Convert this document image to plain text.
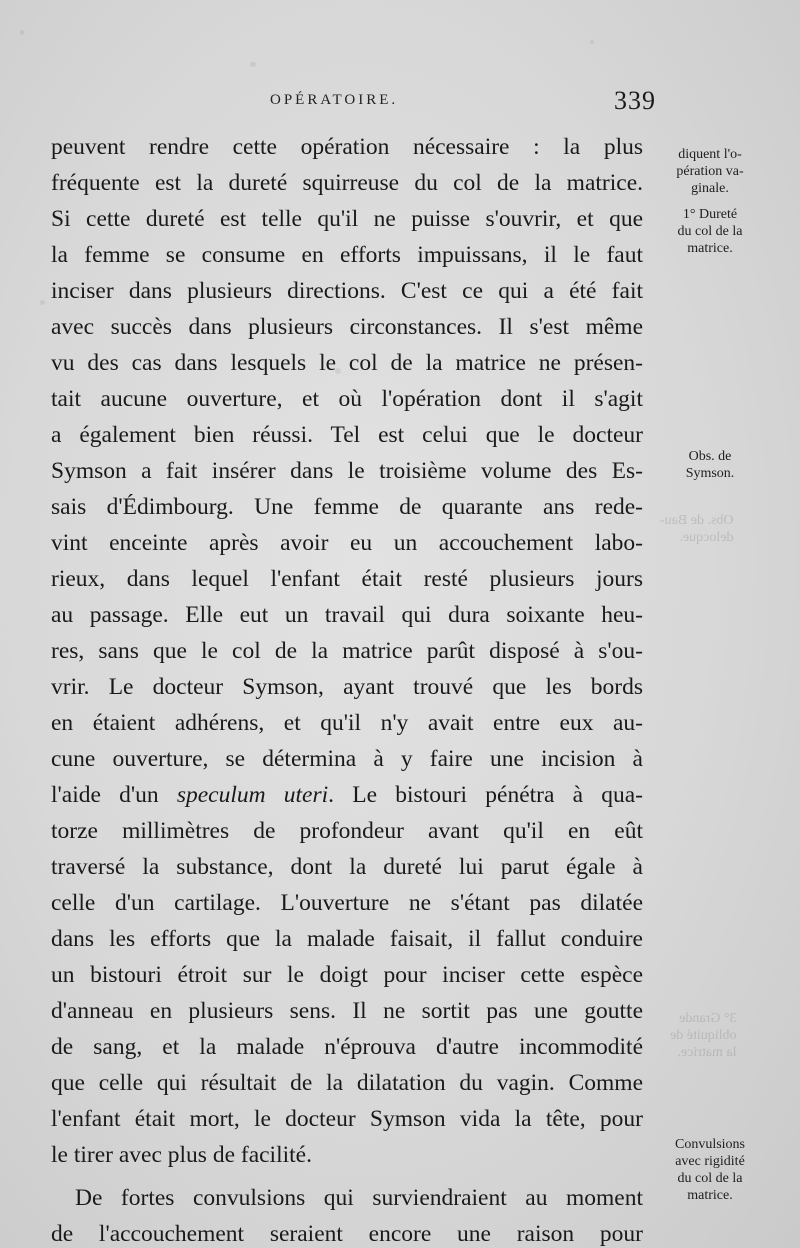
Obs. de Bau-
delocque.
3° Grande
obliquité de
la matrice.
OPÉRATOIRE.	339
peuvent rendre cette opération nécessaire : la plus
fréquente est la dureté squirreuse du col de la matrice.
Si cette dureté est telle qu'il ne puisse s'ouvrir, et que
la femme se consume en efforts impuissans, il le faut
inciser dans plusieurs directions. C'est ce qui a été fait
avec succès dans plusieurs circonstances. Il s'est même
vu des cas dans lesquels le col de la matrice ne présen-
tait aucune ouverture, et où l'opération dont il s'agit
a également bien réussi. Tel est celui que le docteur
Symson a fait insérer dans le troisième volume des Es-
sais d'Édimbourg. Une femme de quarante ans rede-
vint enceinte après avoir eu un accouchement labo-
rieux, dans lequel l'enfant était resté plusieurs jours
au passage. Elle eut un travail qui dura soixante heu-
res, sans que le col de la matrice parût disposé à s'ou-
vrir. Le docteur Symson, ayant trouvé que les bords
en étaient adhérens, et qu'il n'y avait entre eux au-
cune ouverture, se détermina à y faire une incision à
l'aide d'un speculum uteri. Le bistouri pénétra à qua-
torze millimètres de profondeur avant qu'il en eût
traversé la substance, dont la dureté lui parut égale à
celle d'un cartilage. L'ouverture ne s'étant pas dilatée
dans les efforts que la malade faisait, il fallut conduire
un bistouri étroit sur le doigt pour inciser cette espèce
d'anneau en plusieurs sens. Il ne sortit pas une goutte
de sang, et la malade n'éprouva d'autre incommodité
que celle qui résultait de la dilatation du vagin. Comme
l'enfant était mort, le docteur Symson vida la tête, pour
le tirer avec plus de facilité.
De fortes convulsions qui surviendraient au moment
de l'accouchement seraient encore une raison pour
diquent l'o-
pération va-
ginale.
1° Dureté
du col de la
matrice.
Obs. de
Symson.
Convulsions
avec rigidité
du col de la
matrice.
